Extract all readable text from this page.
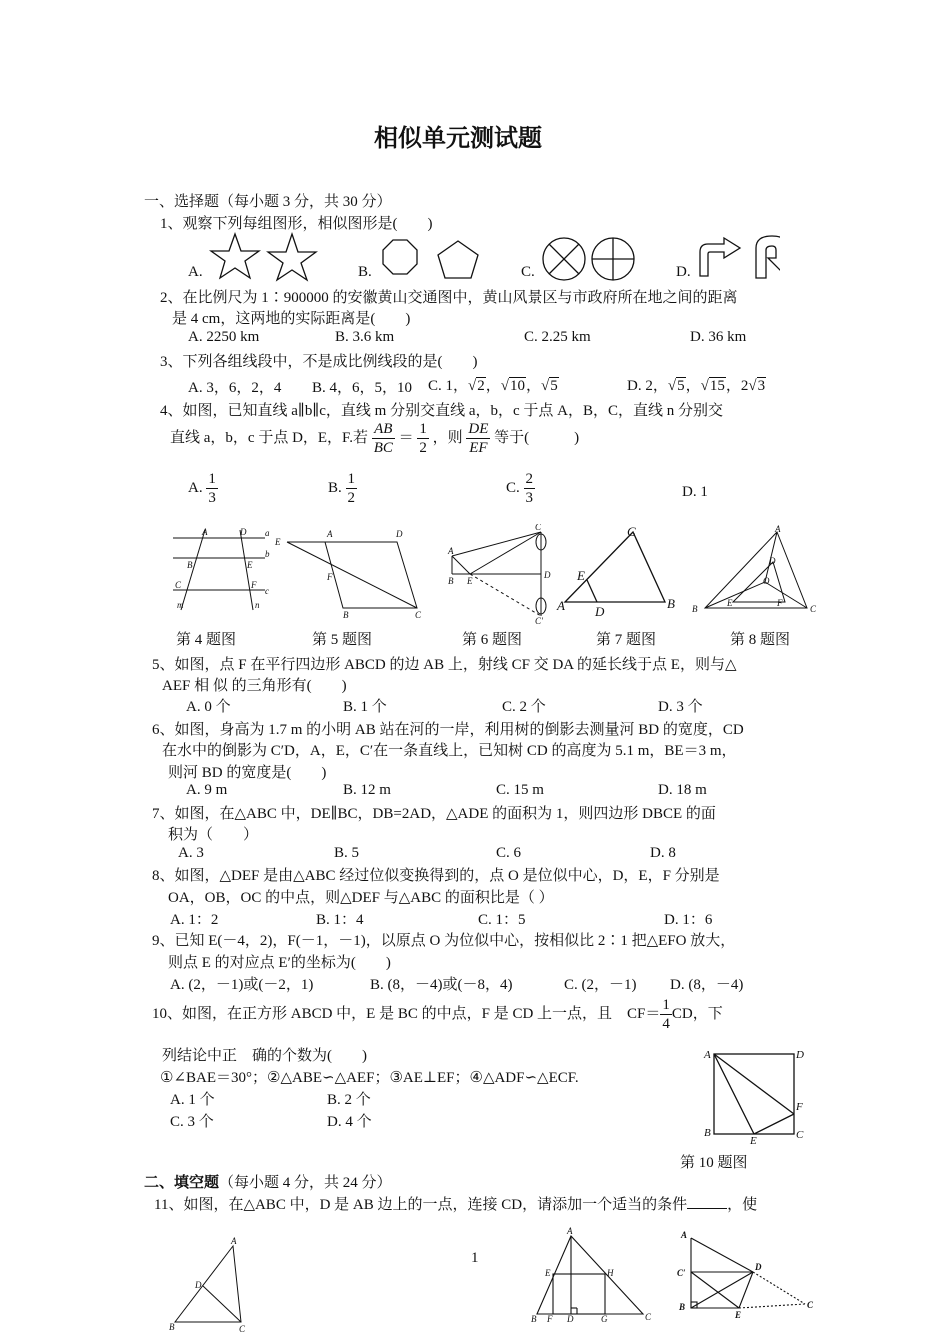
相似单元测试题
一、选择题（每小题 3 分，共 30 分）
1、观察下列每组图形，相似图形是(　　)
A.	B.	C.	D.
2、在比例尺为 1∶900000 的安徽黄山交通图中，黄山风景区与市政府所在地之间的距离
是 4 cm，这两地的实际距离是(　　)
A. 2250 km	B. 3.6 km	C. 2.25 km	D. 36 km
3、下列各组线段中，不是成比例线段的是(　　)
A. 3，6，2，4 B. 4，6，5，10 C. 1，√2，√10，√5	D. 2，√5，√15，2√3
4、如图，已知直线 a∥b∥c，直线 m 分别交直线 a，b，c 于点 A，B，C，直线 n 分别交
直线 a，b，c 于点 D，E，F.若 $\frac{AB}{BC} = \frac{1}{2}$ ，则 $\frac{DE}{EF}$ 等于(　　　)
A. $\frac{1}{3}$	B. $\frac{1}{2}$	C. $\frac{2}{3}$	D. 1
A	D a
B	E
b
C	F
c
m	n
E
A	D
F
B	C
A
B E
C
D
C′
C
E
A D
B
A
D
O
B
E	F
C
第 4 题图	第 5 题图	第 6 题图	第 7 题图	第 8 题图
5、如图，点 F 在平行四边形 ABCD 的边 AB 上，射线 CF 交 DA 的延长线于点 E，则与△
AEF 相 似 的三角形有(　　)
A. 0 个	B. 1 个	C. 2 个	D. 3 个
6、如图，身高为 1.7 m 的小明 AB 站在河的一岸，利用树的倒影去测量河 BD 的宽度，CD
在水中的倒影为 C′D，A，E，C′在一条直线上，已知树 CD 的高度为 5.1 m，BE＝3 m，
则河 BD 的宽度是(　　)
A. 9 m	B. 12 m	C. 15 m	D. 18 m
7、如图，在△ABC 中，DE∥BC，DB=2AD，△ADE 的面积为 1，则四边形 DBCE 的面
积为（　　）
A. 3	B. 5	C. 6	D. 8
8、如图，△DEF 是由△ABC 经过位似变换得到的，点 O 是位似中心，D，E，F 分别是
OA，OB，OC 的中点，则△DEF 与△ABC 的面积比是（ ）
A. 1：2	B. 1：4	C. 1：5	D. 1：6
9、已知 E(－4，2)，F(－1，－1)，以原点 O 为位似中心，按相似比 2∶1 把△EFO 放大，
则点 E 的对应点 E′的坐标为(　　)
A. (2，－1)或(－2，1)	B. (8，－4)或(－8，4)	C. (2，－1) D. (8，－4)
10、如图，在正方形 ABCD 中，E 是 BC 的中点，F 是 CD 上一点，且　$CF= \frac{1}{4}$ CD，下
列结论中正　确的个数为(　　)
①∠BAE＝30°；②△ABE∽△AEF；③AE⊥EF；④△ADF∽△ECF.
A. 1 个	B. 2 个
C. 3 个	D. 4 个
A	D
F
B
E	C
第 10 题图
二、填空题（每小题 4 分，共 24 分）
11、如图，在△ABC 中，D 是 AB 边上的一点，连接 CD，请添加一个适当的条件	，使
A
D
B	C
A
E	H
B F D	G	C
A
C′
D
B
E
C
1
